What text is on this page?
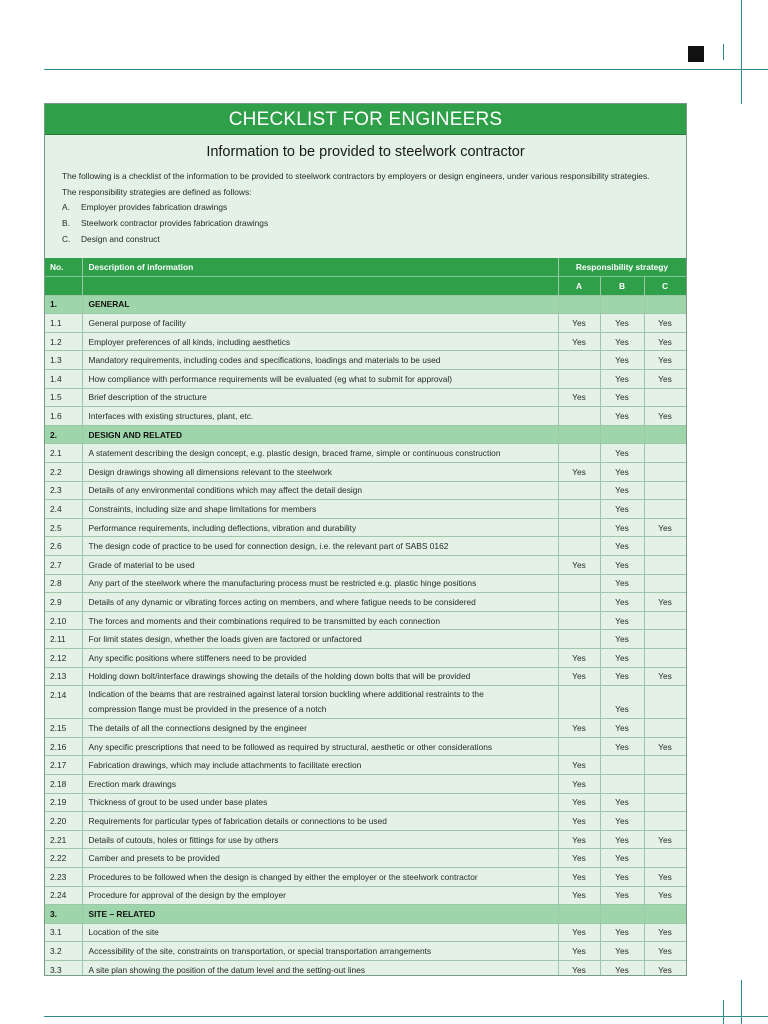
CHECKLIST FOR ENGINEERS
Information to be provided to steelwork contractor
The following is a checklist of the information to be provided to steelwork contractors by employers or design engineers, under various responsibility strategies.
The responsibility strategies are defined as follows:
A.	Employer provides fabrication drawings
B.	Steelwork contractor provides fabrication drawings
C.	Design and construct
No.	Description of information	Responsibility strategy		
		A	B	C
1.	GENERAL			
1.1	General purpose of facility	Yes	Yes	Yes
1.2	Employer preferences of all kinds, including aesthetics	Yes	Yes	Yes
1.3	Mandatory requirements, including codes and specifications, loadings and materials to be used		Yes	Yes
1.4	How compliance with performance requirements will be evaluated (eg what to submit for approval)		Yes	Yes
1.5	Brief description of the structure	Yes	Yes	
1.6	Interfaces with existing structures, plant, etc.		Yes	Yes
2.	DESIGN AND RELATED			
2.1	A statement describing the design concept, e.g. plastic design, braced frame, simple or continuous construction		Yes	
2.2	Design drawings showing all dimensions relevant to the steelwork	Yes	Yes	
2.3	Details of any environmental conditions which may affect the detail design		Yes	
2.4	Constraints, including size and shape limitations for members		Yes	
2.5	Performance requirements, including deflections, vibration and durability		Yes	Yes
2.6	The design code of practice to be used for connection design, i.e. the relevant part of SABS 0162		Yes	
2.7	Grade of material to be used	Yes	Yes	
2.8	Any part of the steelwork where the manufacturing process must be restricted e.g. plastic hinge positions		Yes	
2.9	Details of any dynamic or vibrating forces acting on members, and where fatigue needs to be considered		Yes	Yes
2.10	The forces and moments and their combinations required to be transmitted by each connection		Yes	
2.11	For limit states design, whether the loads given are factored or unfactored		Yes	
2.12	Any specific positions where stiffeners need to be provided	Yes	Yes	
2.13	Holding down bolt/interface drawings showing the details of the holding down bolts that will be provided	Yes	Yes	Yes
2.14	Indication of the beams that are restrained against lateral torsion buckling where additional restraints to the
compression flange must be provided in the presence of a notch		Yes	
2.15	The details of all the connections designed by the engineer	Yes	Yes	
2.16	Any specific prescriptions that need to be followed as required by structural, aesthetic or other considerations		Yes	Yes
2.17	Fabrication drawings, which may include attachments to facilitate erection	Yes		
2.18	Erection mark drawings	Yes		
2.19	Thickness of grout to be used under base plates	Yes	Yes	
2.20	Requirements for particular types of fabrication details or connections to be used	Yes	Yes	
2.21	Details of cutouts, holes or fittings for use by others	Yes	Yes	Yes
2.22	Camber and presets to be provided	Yes	Yes	
2.23	Procedures to be followed when the design is changed by either the employer or the steelwork contractor	Yes	Yes	Yes
2.24	Procedure for approval of the design by the employer	Yes	Yes	Yes
3.	SITE – RELATED			
3.1	Location of the site	Yes	Yes	Yes
3.2	Accessibility of the site, constraints on transportation, or special transportation arrangements	Yes	Yes	Yes
3.3	A site plan showing the position of the datum level and the setting-out lines	Yes	Yes	Yes
